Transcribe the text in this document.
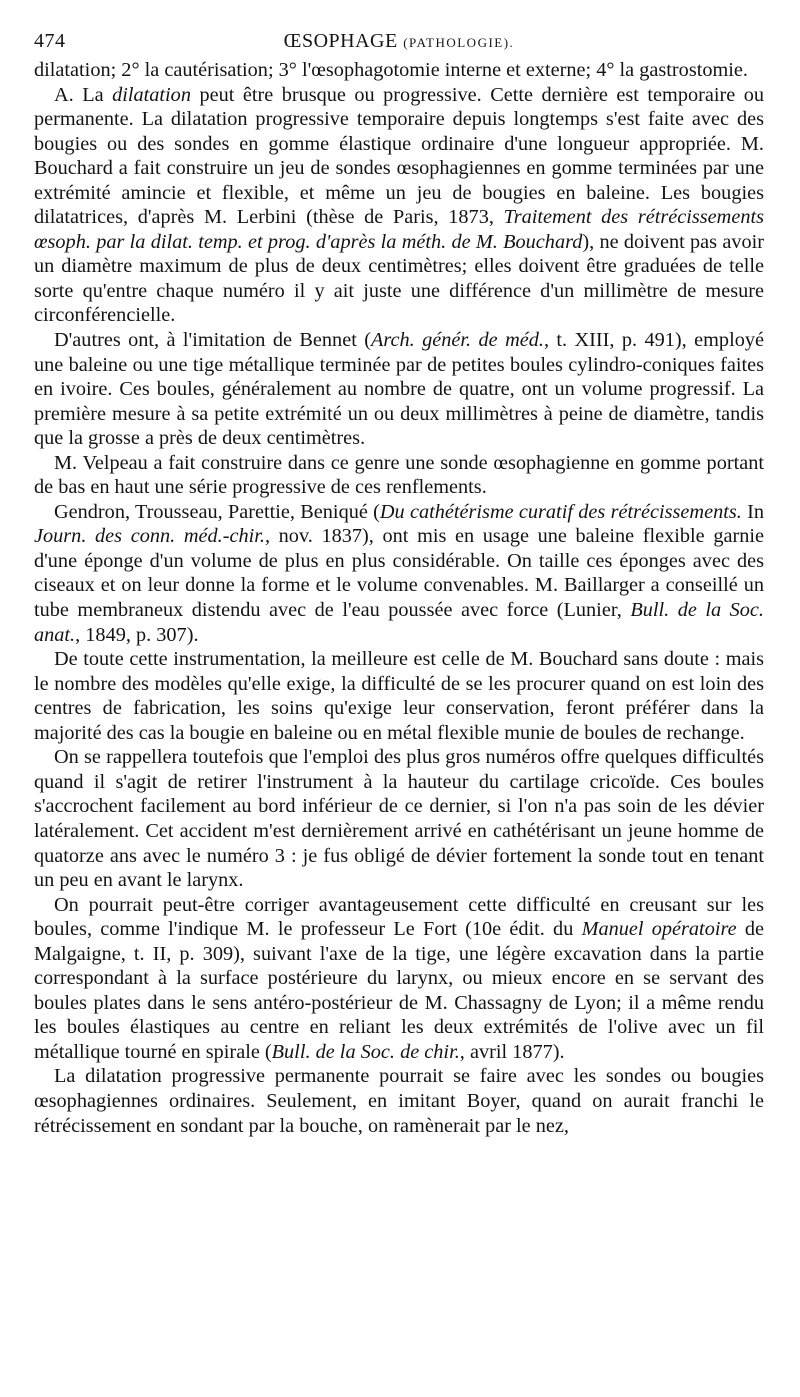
474	ŒSOPHAGE (PATHOLOGIE).

dilatation; 2° la cautérisation; 3° l'œsophagotomie interne et externe; 4° la gastrostomie.

A. La dilatation peut être brusque ou progressive. Cette dernière est temporaire ou permanente. La dilatation progressive temporaire depuis longtemps s'est faite avec des bougies ou des sondes en gomme élastique ordinaire d'une longueur appropriée. M. Bouchard a fait construire un jeu de sondes œsophagiennes en gomme terminées par une extrémité amincie et flexible, et même un jeu de bougies en baleine. Les bougies dilatatrices, d'après M. Lerbini (thèse de Paris, 1873, Traitement des rétrécissements œsoph. par la dilat. temp. et prog. d'après la méth. de M. Bouchard), ne doivent pas avoir un diamètre maximum de plus de deux centimètres; elles doivent être graduées de telle sorte qu'entre chaque numéro il y ait juste une différence d'un millimètre de mesure circonférencielle.

D'autres ont, à l'imitation de Bennet (Arch. génér. de méd., t. XIII, p. 491), employé une baleine ou une tige métallique terminée par de petites boules cylindro-coniques faites en ivoire. Ces boules, généralement au nombre de quatre, ont un volume progressif. La première mesure à sa petite extrémité un ou deux millimètres à peine de diamètre, tandis que la grosse a près de deux centimètres.

M. Velpeau a fait construire dans ce genre une sonde œsophagienne en gomme portant de bas en haut une série progressive de ces renflements.

Gendron, Trousseau, Parettie, Beniqué (Du cathétérisme curatif des rétrécissements. In Journ. des conn. méd.-chir., nov. 1837), ont mis en usage une baleine flexible garnie d'une éponge d'un volume de plus en plus considérable. On taille ces éponges avec des ciseaux et on leur donne la forme et le volume convenables. M. Baillarger a conseillé un tube membraneux distendu avec de l'eau poussée avec force (Lunier, Bull. de la Soc. anat., 1849, p. 307).

De toute cette instrumentation, la meilleure est celle de M. Bouchard sans doute : mais le nombre des modèles qu'elle exige, la difficulté de se les procurer quand on est loin des centres de fabrication, les soins qu'exige leur conservation, feront préférer dans la majorité des cas la bougie en baleine ou en métal flexible munie de boules de rechange.

On se rappellera toutefois que l'emploi des plus gros numéros offre quelques difficultés quand il s'agit de retirer l'instrument à la hauteur du cartilage cricoïde. Ces boules s'accrochent facilement au bord inférieur de ce dernier, si l'on n'a pas soin de les dévier latéralement. Cet accident m'est dernièrement arrivé en cathétérisant un jeune homme de quatorze ans avec le numéro 3 : je fus obligé de dévier fortement la sonde tout en tenant un peu en avant le larynx.

On pourrait peut-être corriger avantageusement cette difficulté en creusant sur les boules, comme l'indique M. le professeur Le Fort (10e édit. du Manuel opératoire de Malgaigne, t. II, p. 309), suivant l'axe de la tige, une légère excavation dans la partie correspondant à la surface postérieure du larynx, ou mieux encore en se servant des boules plates dans le sens antéro-postérieur de M. Chassagny de Lyon; il a même rendu les boules élastiques au centre en reliant les deux extrémités de l'olive avec un fil métallique tourné en spirale (Bull. de la Soc. de chir., avril 1877).

La dilatation progressive permanente pourrait se faire avec les sondes ou bougies œsophagiennes ordinaires. Seulement, en imitant Boyer, quand on aurait franchi le rétrécissement en sondant par la bouche, on ramènerait par le nez,
